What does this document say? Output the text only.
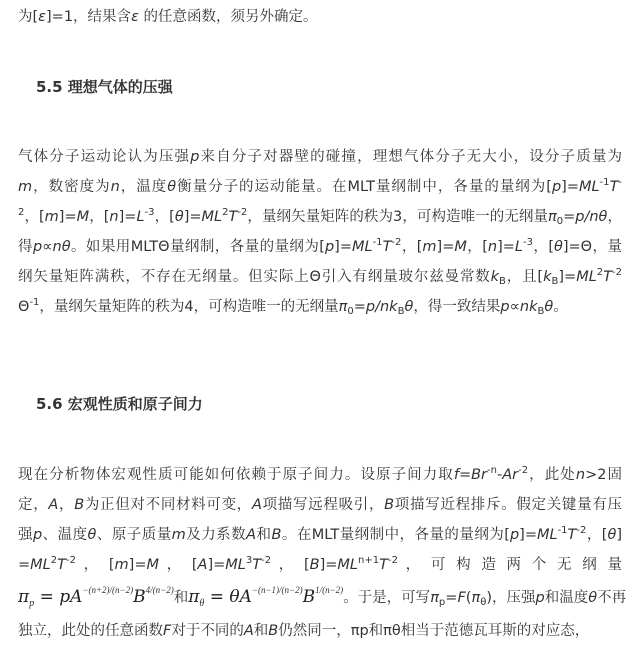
为[ε]=1，结果含ε 的任意函数，须另外确定。
5.5 理想气体的压强
气体分子运动论认为压强p来自分子对器壁的碰撞，理想气体分子无大小，设分子质量为
m，数密度为n，温度θ衡量分子的运动能量。在MLT量纲制中，各量的量纲为$[p]=ML^{-1}T^-$
$^2$，[m]=M，$[n]=L^{-3}$，$[\theta]=ML^2T^{-2}$，量纲矢量矩阵的秩为3，可构造唯一的无纲量$\pi_0=p/n\theta$，
得p∝nθ。如果用MLTΘ量纲制，各量的量纲为$[p]=ML^{-1}T^{-2}$，[m]=M，$[n]=L^{-3}$，[θ]=Θ，量
纲矢量矩阵满秩，不存在无纲量。但实际上Θ引入有纲量玻尔兹曼常数$k_B$，且$[k_B]=ML^2T^{-2}$
$\Theta^{-1}$，量纲矢量矩阵的秩为4，可构造唯一的无纲量$\pi_0=p/nk_B\theta$，得一致结果$p\propto nk_B\theta$。
5.6 宏观性质和原子间力
现在分析物体宏观性质可能如何依赖于原子间力。设原子间力取$f=Br^{-n}-Ar^{-2}$，此处n>2固
定，A，B为正但对不同材料可变，A项描写远程吸引，B项描写近程排斥。假定关键量有压
强p、温度θ、原子质量m及力系数A和B。在MLT量纲制中，各量的量纲为$[p]=ML^{-1}T^{-2}$，[θ]
$=ML^2T^{-2}$ ， [m]=M ， $[A]=ML^3T^{-2}$ ， $[B]=ML^{n+1}T^{-2}$ ， 可 构 造 两 个 无 纲 量
$\pi_p = pA^{-(n+2)/(n-2)}B^{4/(n-2)}$和$\pi_\theta = \theta A^{-(n-1)/(n-2)}B^{1/(n-2)}$。于是，可写$\pi_p=F(\pi_\theta)$，压强p和温度θ不再
独立，此处的任意函数F对于不同的A和B仍然同一，πp和πθ相当于范德瓦耳斯的对应态，
